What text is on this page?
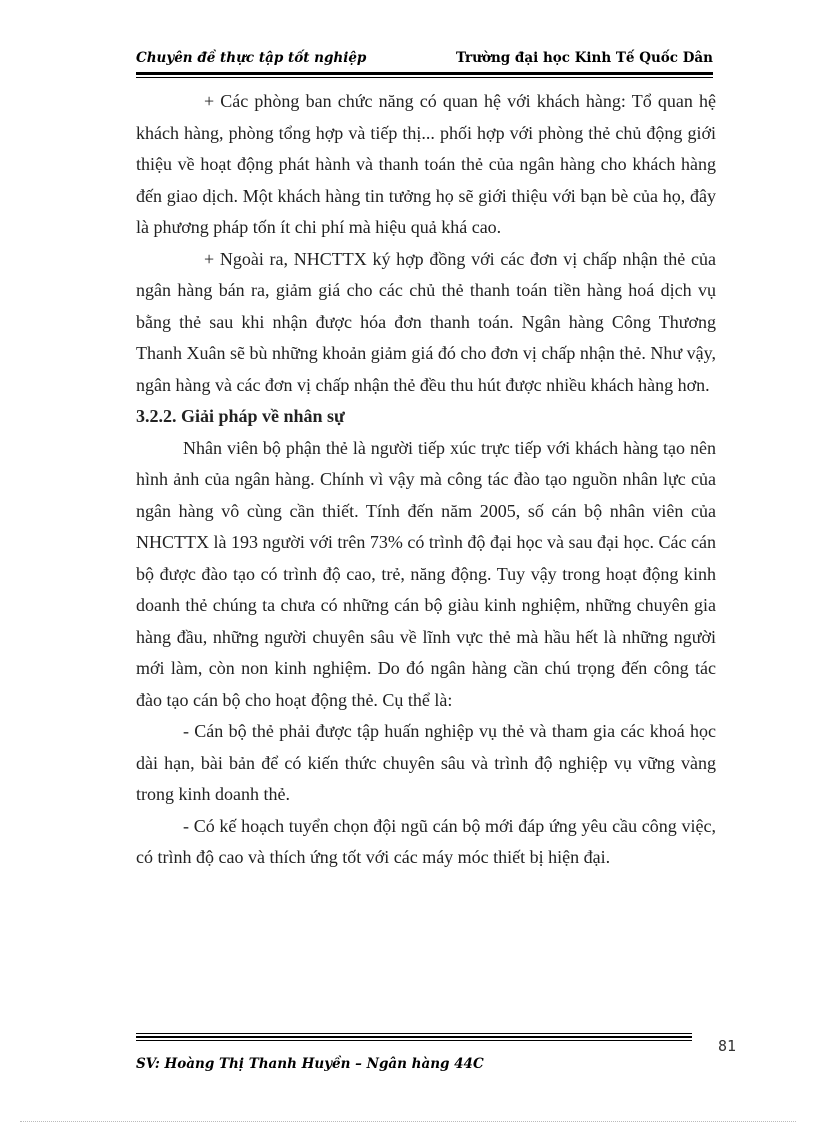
Chuyên đề thực tập tốt nghiệp	Trường đại học Kinh Tế Quốc Dân

+ Các phòng ban chức năng có quan hệ với khách hàng: Tổ quan hệ khách hàng, phòng tổng hợp và tiếp thị... phối hợp với phòng thẻ chủ động giới thiệu về hoạt động phát hành và thanh toán thẻ của ngân hàng cho khách hàng đến giao dịch. Một khách hàng tin tưởng họ sẽ giới thiệu với bạn bè của họ, đây là phương pháp tốn ít chi phí mà hiệu quả khá cao.

+ Ngoài ra, NHCTTX ký hợp đồng với các đơn vị chấp nhận thẻ của ngân hàng bán ra, giảm giá cho các chủ thẻ thanh toán tiền hàng hoá dịch vụ bằng thẻ sau khi nhận được hóa đơn thanh toán. Ngân hàng Công Thương Thanh Xuân sẽ bù những khoản giảm giá đó cho đơn vị chấp nhận thẻ. Như vậy, ngân hàng và các đơn vị chấp nhận thẻ đều thu hút được nhiều khách hàng hơn.

3.2.2. Giải pháp về nhân sự

Nhân viên bộ phận thẻ là người tiếp xúc trực tiếp với khách hàng tạo nên hình ảnh của ngân hàng. Chính vì vậy mà công tác đào tạo nguồn nhân lực của ngân hàng vô cùng cần thiết. Tính đến năm 2005, số cán bộ nhân viên của NHCTTX là 193 người với trên 73% có trình độ đại học và sau đại học. Các cán bộ được đào tạo có trình độ cao, trẻ, năng động. Tuy vậy trong hoạt động kinh doanh thẻ chúng ta chưa có những cán bộ giàu kinh nghiệm, những chuyên gia hàng đầu, những người chuyên sâu về lĩnh vực thẻ mà hầu hết là những người mới làm, còn non kinh nghiệm. Do đó ngân hàng cần chú trọng đến công tác đào tạo cán bộ cho hoạt động thẻ. Cụ thể là:

- Cán bộ thẻ phải được tập huấn nghiệp vụ thẻ và tham gia các khoá học dài hạn, bài bản để có kiến thức chuyên sâu và trình độ nghiệp vụ vững vàng trong kinh doanh thẻ.

- Có kế hoạch tuyển chọn đội ngũ cán bộ mới đáp ứng yêu cầu công việc, có trình độ cao và thích ứng tốt với các máy móc thiết bị hiện đại.

81
SV: Hoàng Thị Thanh Huyền – Ngân hàng 44C
